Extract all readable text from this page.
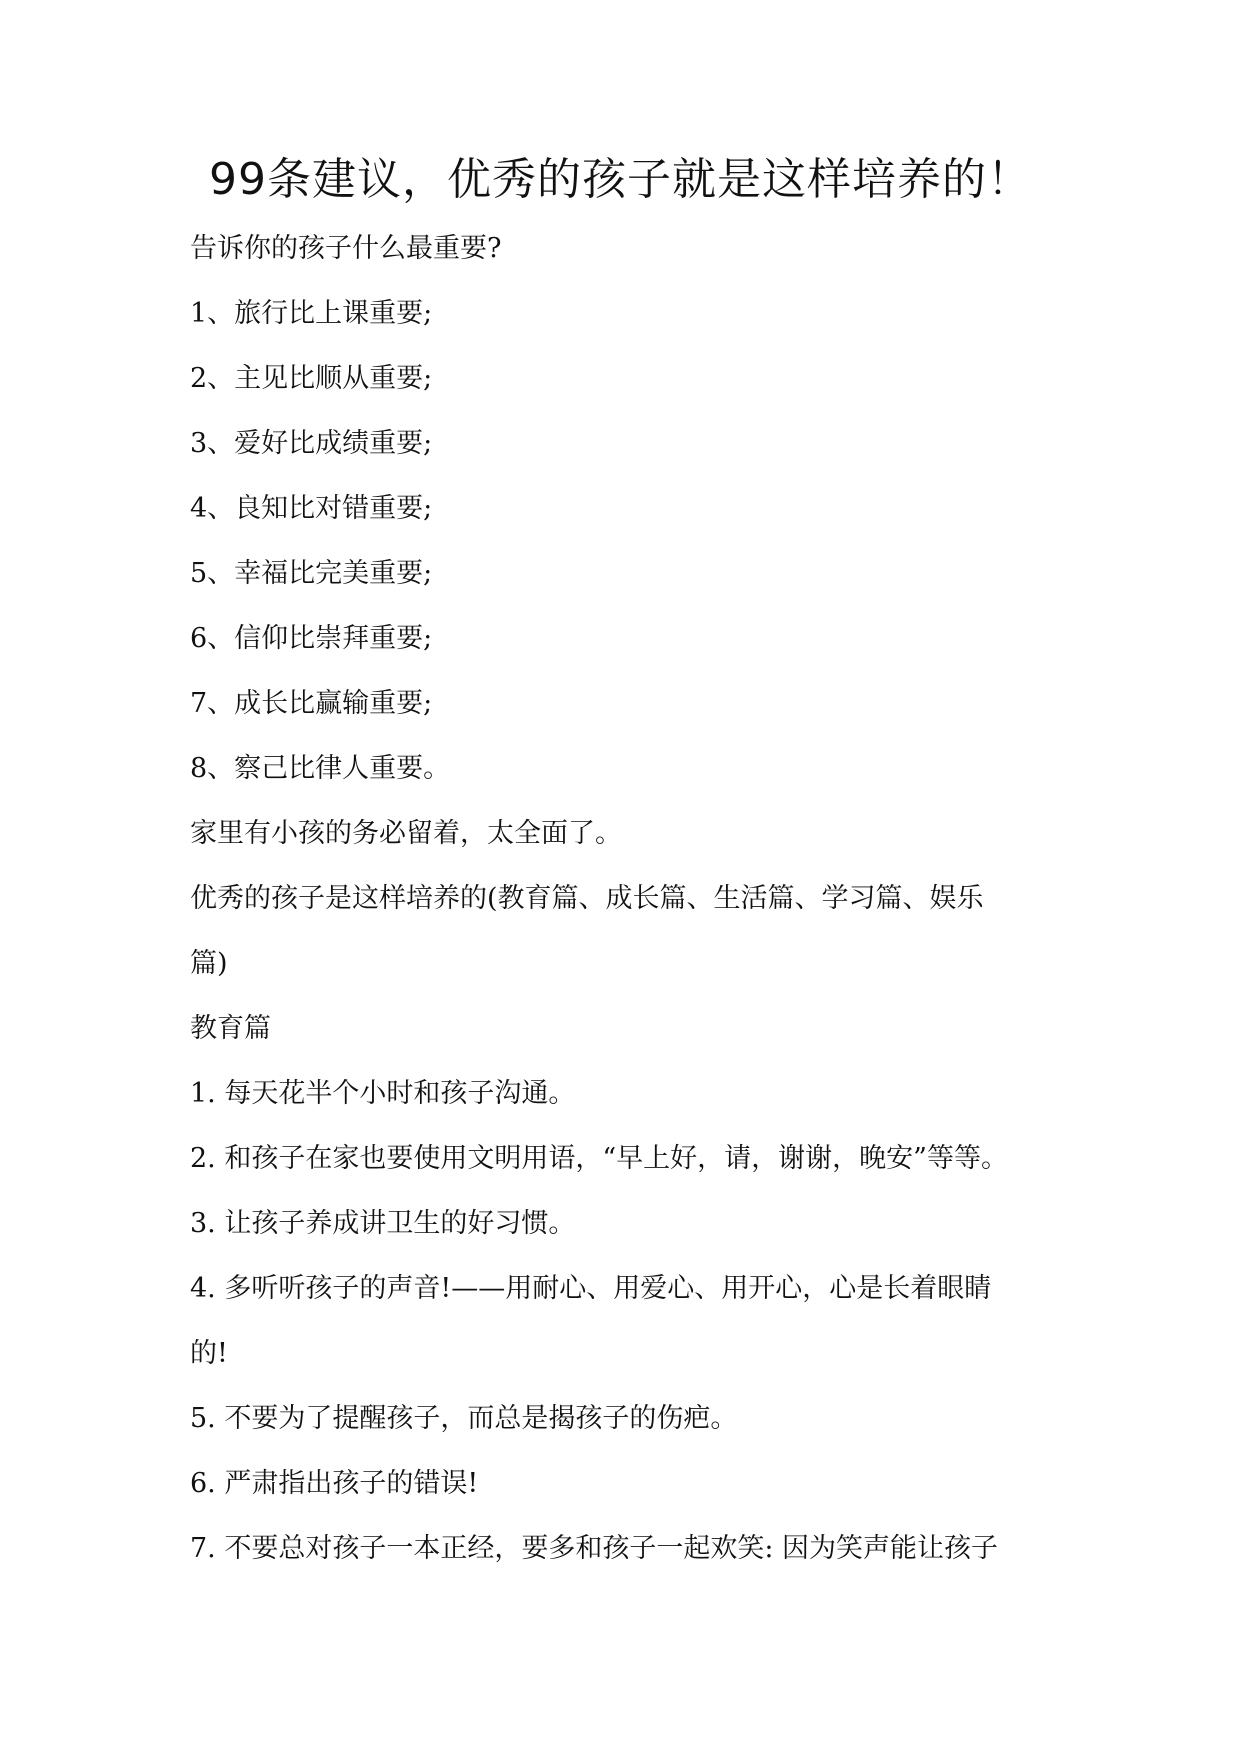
99条建议，优秀的孩子就是这样培养的！

告诉你的孩子什么最重要?

1、旅行比上课重要;

2、主见比顺从重要;

3、爱好比成绩重要;

4、良知比对错重要;

5、幸福比完美重要;

6、信仰比崇拜重要;

7、成长比赢输重要;

8、察己比律人重要。

家里有小孩的务必留着，太全面了。

优秀的孩子是这样培养的(教育篇、成长篇、生活篇、学习篇、娱乐

篇)

教育篇

1. 每天花半个小时和孩子沟通。

2. 和孩子在家也要使用文明用语，“早上好，请，谢谢，晚安”等等。

3. 让孩子养成讲卫生的好习惯。

4. 多听听孩子的声音!——用耐心、用爱心、用开心，心是长着眼睛

的!

5. 不要为了提醒孩子，而总是揭孩子的伤疤。

6. 严肃指出孩子的错误!

7. 不要总对孩子一本正经，要多和孩子一起欢笑: 因为笑声能让孩子
